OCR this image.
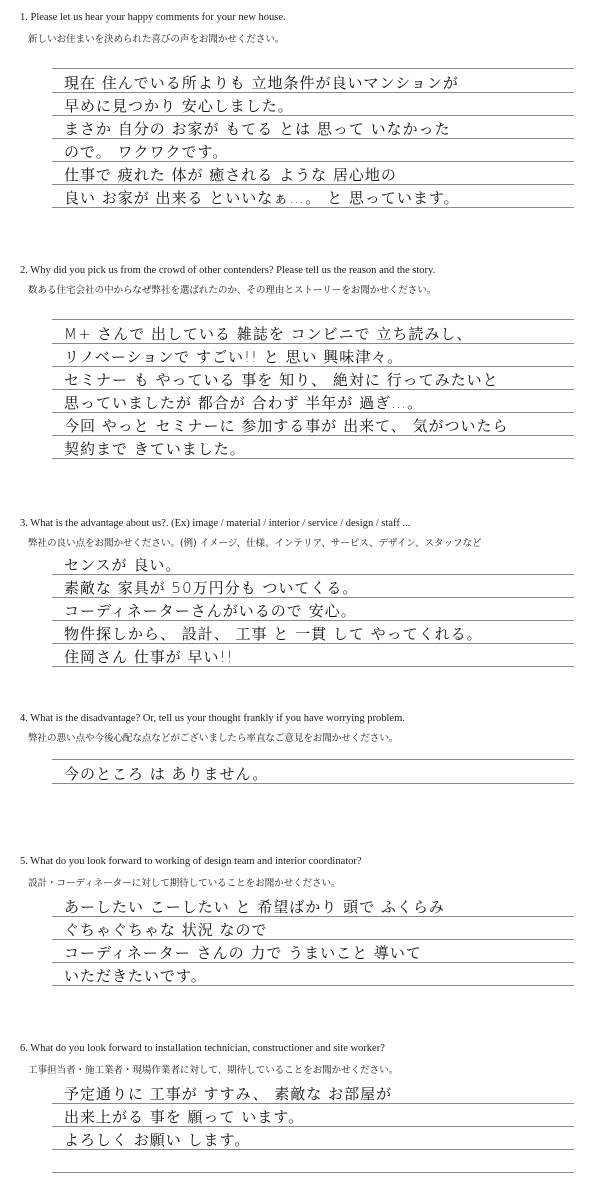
1. Please let us hear your happy comments for your new house.
新しいお住まいを決められた喜びの声をお聞かせください。
現在 住んでいる所よりも 立地条件が良いマンションが
早めに見つかり 安心しました。
まさか 自分の お家が もてる とは 思って いなかった
ので。 ワクワクです。
仕事で 疲れた 体が 癒される ような 居心地の
良い お家が 出来る といいなぁ…。 と 思っています。
2. Why did you pick us from the crowd of other contenders? Please tell us the reason and the story.
数ある住宅会社の中からなぜ弊社を選ばれたのか、その理由とストーリーをお聞かせください。
M+ さんで 出している 雑誌を コンビニで 立ち読みし、
リノベーションで すごい!! と 思い 興味津々。
セミナー も やっている 事を 知り、 絶対に 行ってみたいと
思っていましたが 都合が 合わず 半年が 過ぎ…。
今回 やっと セミナーに 参加する事が 出来て、 気がついたら
契約まで きていました。
3. What is the advantage about us?. (Ex) image / material / interior / service / design / staff ...
弊社の良い点をお聞かせください。(例) イメージ、仕様、インテリア、サービス、デザイン、スタッフなど
センスが 良い。
素敵な 家具が 50万円分も ついてくる。
コーディネーターさんがいるので 安心。
物件探しから、 設計、 工事 と 一貫 して やってくれる。
住岡さん 仕事が 早い!!
4. What is the disadvantage? Or, tell us your thought frankly if you have worrying problem.
弊社の悪い点や今後心配な点などがございましたら率直なご意見をお聞かせください。
今のところ は ありません。
5. What do you look forward to working of design team and interior coordinator?
設計・コーディネーターに対して期待していることをお聞かせください。
あーしたい こーしたい と 希望ばかり 頭で ふくらみ
ぐちゃぐちゃな 状況 なので
コーディネーター さんの 力で うまいこと 導いて
いただきたいです。
6. What do you look forward to installation technician, constructioner and site worker?
工事担当者・施工業者・現場作業者に対して、期待していることをお聞かせください。
予定通りに 工事が すすみ、 素敵な お部屋が
出来上がる 事を 願って います。
よろしく お願い します。
